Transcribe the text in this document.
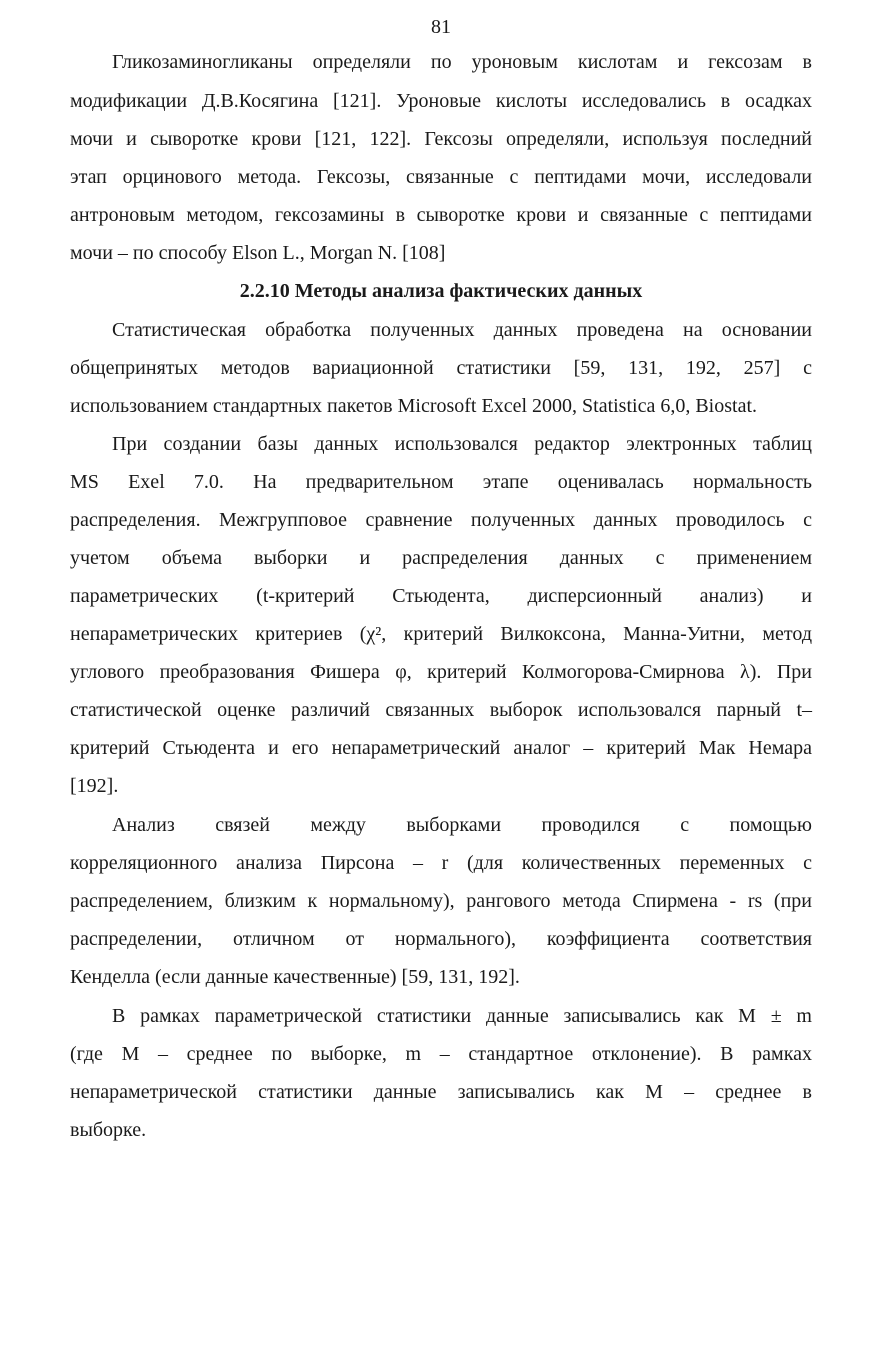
81
Гликозаминогликаны определяли по уроновым кислотам и гексозам в
модификации Д.В.Косягина [121]. Уроновые кислоты исследовались в осадках
мочи и сыворотке крови [121, 122]. Гексозы определяли, используя последний
этап орцинового метода. Гексозы, связанные с пептидами мочи, исследовали
антроновым методом, гексозамины в сыворотке крови и связанные с пептидами
мочи – по способу Elson L., Morgan N. [108]
2.2.10 Методы анализа фактических данных
Статистическая обработка полученных данных проведена на основании
общепринятых методов вариационной статистики [59, 131, 192, 257] с
использованием стандартных пакетов Microsoft Excel 2000, Statistica 6,0, Biostat.
При создании базы данных использовался редактор электронных таблиц
MS Exel 7.0. На предварительном этапе оценивалась нормальность
распределения. Межгрупповое сравнение полученных данных проводилось с
учетом объема выборки и распределения данных с применением
параметрических (t-критерий Стьюдента, дисперсионный анализ) и
непараметрических критериев (χ², критерий Вилкоксона, Манна-Уитни, метод
углового преобразования Фишера φ, критерий Колмогорова-Смирнова λ). При
статистической оценке различий связанных выборок использовался парный t–
критерий Стьюдента и его непараметрический аналог – критерий Мак Немара
[192].
Анализ связей между выборками проводился с помощью
корреляционного анализа Пирсона – r (для количественных переменных с
распределением, близким к нормальному), рангового метода Спирмена - rs (при
распределении, отличном от нормального), коэффициента соответствия
Кенделла (если данные качественные) [59, 131, 192].
В рамках параметрической статистики данные записывались как M ± m
(где M – среднее по выборке, m – стандартное отклонение). В рамках
непараметрической статистики данные записывались как M – среднее в
выборке.
